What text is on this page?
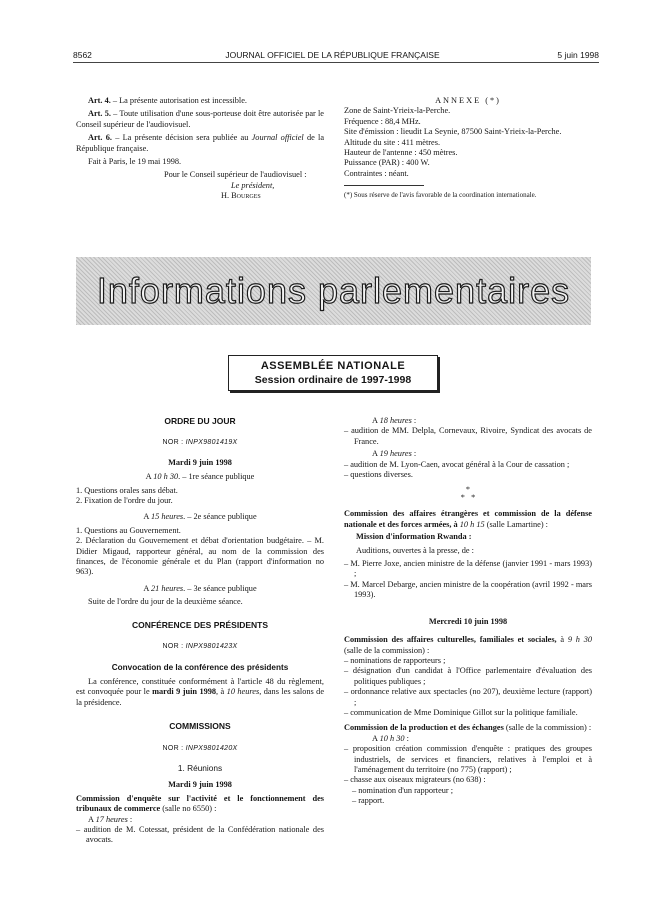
8562	JOURNAL OFFICIEL DE LA RÉPUBLIQUE FRANÇAISE	5 juin 1998

Art. 4. – La présente autorisation est incessible.

Art. 5. – Toute utilisation d'une sous-porteuse doit être autorisée par le Conseil supérieur de l'audiovisuel.

Art. 6. – La présente décision sera publiée au Journal officiel de la République française.

Fait à Paris, le 19 mai 1998.

Pour le Conseil supérieur de l'audiovisuel :

Le président,

H. Bourges

ANNEXE (*)

Zone de Saint-Yrieix-la-Perche.

Fréquence : 88,4 MHz.

Site d'émission : lieudit La Seynie, 87500 Saint-Yrieix-la-Perche.

Altitude du site : 411 mètres.

Hauteur de l'antenne : 450 mètres.

Puissance (PAR) : 400 W.

Contraintes : néant.

(*) Sous réserve de l'avis favorable de la coordination internationale.

Informations parlementaires
ASSEMBLÉE NATIONALE
Session ordinaire de 1997-1998
ORDRE DU JOUR
NOR : INPX9801419X

Mardi 9 juin 1998

A 10 h 30. – 1re séance publique

1. Questions orales sans débat.

2. Fixation de l'ordre du jour.

A 15 heures. – 2e séance publique

1. Questions au Gouvernement.

2. Déclaration du Gouvernement et débat d'orientation budgétaire. – M. Didier Migaud, rapporteur général, au nom de la commission des finances, de l'économie générale et du Plan (rapport d'information no 963).

A 21 heures. – 3e séance publique

Suite de l'ordre du jour de la deuxième séance.

CONFÉRENCE DES PRÉSIDENTS
NOR : INPX9801423X
Convocation de la conférence des présidents

La conférence, constituée conformément à l'article 48 du règlement, est convoquée pour le mardi 9 juin 1998, à 10 heures, dans les salons de la présidence.

COMMISSIONS
NOR : INPX9801420X

1. Réunions

Mardi 9 juin 1998

Commission d'enquête sur l'activité et le fonctionnement des tribunaux de commerce (salle no 6550) :

A 17 heures :

– audition de M. Cotessat, président de la Confédération nationale des avocats.

A 18 heures :

– audition de MM. Delpla, Cornevaux, Rivoire, Syndicat des avocats de France.

A 19 heures :

– audition de M. Lyon-Caen, avocat général à la Cour de cassation ;

– questions diverses.

*

*   *

Commission des affaires étrangères et commission de la défense nationale et des forces armées, à 10 h 15 (salle Lamartine) :

Mission d'information Rwanda :

Auditions, ouvertes à la presse, de :

– M. Pierre Joxe, ancien ministre de la défense (janvier 1991 - mars 1993) ;

– M. Marcel Debarge, ancien ministre de la coopération (avril 1992 - mars 1993).

Mercredi 10 juin 1998

Commission des affaires culturelles, familiales et sociales, à 9 h 30 (salle de la commission) :

– nominations de rapporteurs ;

– désignation d'un candidat à l'Office parlementaire d'évaluation des politiques publiques ;

– ordonnance relative aux spectacles (no 207), deuxième lecture (rapport) ;

– communication de Mme Dominique Gillot sur la politique familiale.

Commission de la production et des échanges (salle de la commission) :

A 10 h 30 :

– proposition création commission d'enquête : pratiques des groupes industriels, de services et financiers, relatives à l'emploi et à l'aménagement du territoire (no 775) (rapport) ;

– chasse aux oiseaux migrateurs (no 638) :

– nomination d'un rapporteur ;

– rapport.
